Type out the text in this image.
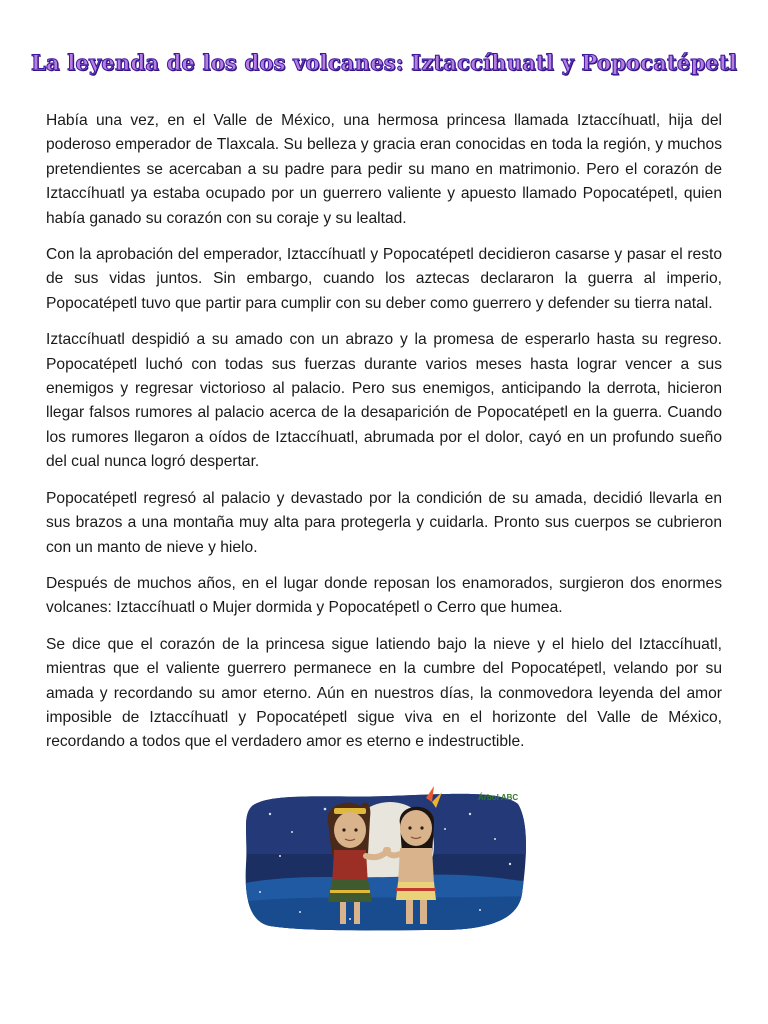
La leyenda de los dos volcanes: Iztaccíhuatl y Popocatépetl

Había una vez, en el Valle de México, una hermosa princesa llamada Iztaccíhuatl, hija del poderoso emperador de Tlaxcala. Su belleza y gracia eran conocidas en toda la región, y muchos pretendientes se acercaban a su padre para pedir su mano en matrimonio. Pero el corazón de Iztaccíhuatl ya estaba ocupado por un guerrero valiente y apuesto llamado Popocatépetl, quien había ganado su corazón con su coraje y su lealtad.

Con la aprobación del emperador, Iztaccíhuatl y Popocatépetl decidieron casarse y pasar el resto de sus vidas juntos. Sin embargo, cuando los aztecas declararon la guerra al imperio, Popocatépetl tuvo que partir para cumplir con su deber como guerrero y defender su tierra natal.

Iztaccíhuatl despidió a su amado con un abrazo y la promesa de esperarlo hasta su regreso. Popocatépetl luchó con todas sus fuerzas durante varios meses hasta lograr vencer a sus enemigos y regresar victorioso al palacio. Pero sus enemigos, anticipando la derrota, hicieron llegar falsos rumores al palacio acerca de la desaparición de Popocatépetl en la guerra. Cuando los rumores llegaron a oídos de Iztaccíhuatl, abrumada por el dolor, cayó en un profundo sueño del cual nunca logró despertar.

Popocatépetl regresó al palacio y devastado por la condición de su amada, decidió llevarla en sus brazos a una montaña muy alta para protegerla y cuidarla. Pronto sus cuerpos se cubrieron con un manto de nieve y hielo.

Después de muchos años, en el lugar donde reposan los enamorados, surgieron dos enormes volcanes: Iztaccíhuatl o Mujer dormida y Popocatépetl o Cerro que humea.

Se dice que el corazón de la princesa sigue latiendo bajo la nieve y el hielo del Iztaccíhuatl, mientras que el valiente guerrero permanece en la cumbre del Popocatépetl, velando por su amada y recordando su amor eterno. Aún en nuestros días, la conmovedora leyenda del amor imposible de Iztaccíhuatl y Popocatépetl sigue viva en el horizonte del Valle de México, recordando a todos que el verdadero amor es eterno e indestructible.

Árbol ABC
